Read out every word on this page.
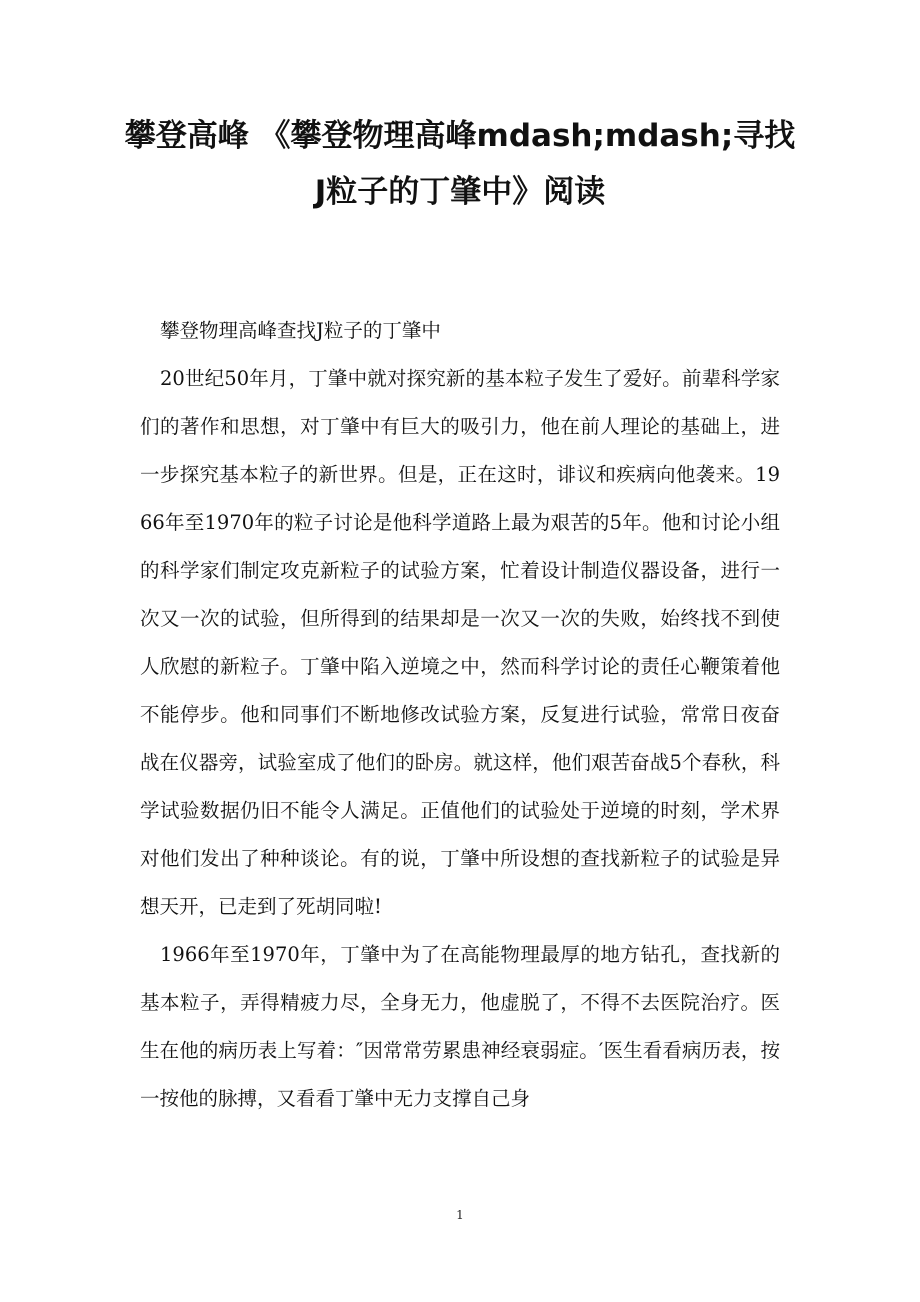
攀登高峰 《攀登物理高峰mdash;mdash;寻找J粒子的丁肇中》阅读

攀登物理高峰查找J粒子的丁肇中

20世纪50年月，丁肇中就对探究新的基本粒子发生了爱好。前辈科学家们的著作和思想，对丁肇中有巨大的吸引力，他在前人理论的基础上，进一步探究基本粒子的新世界。但是，正在这时，诽议和疾病向他袭来。1966年至1970年的粒子讨论是他科学道路上最为艰苦的5年。他和讨论小组的科学家们制定攻克新粒子的试验方案，忙着设计制造仪器设备，进行一次又一次的试验，但所得到的结果却是一次又一次的失败，始终找不到使人欣慰的新粒子。丁肇中陷入逆境之中，然而科学讨论的责任心鞭策着他不能停步。他和同事们不断地修改试验方案，反复进行试验，常常日夜奋战在仪器旁，试验室成了他们的卧房。就这样，他们艰苦奋战5个春秋，科学试验数据仍旧不能令人满足。正值他们的试验处于逆境的时刻，学术界对他们发出了种种谈论。有的说，丁肇中所设想的查找新粒子的试验是异想天开，已走到了死胡同啦!

1966年至1970年，丁肇中为了在高能物理最厚的地方钻孔，查找新的基本粒子，弄得精疲力尽，全身无力，他虚脱了，不得不去医院治疗。医生在他的病历表上写着：″因常常劳累患神经衰弱症。′医生看看病历表，按一按他的脉搏，又看看丁肇中无力支撑自己身

1
